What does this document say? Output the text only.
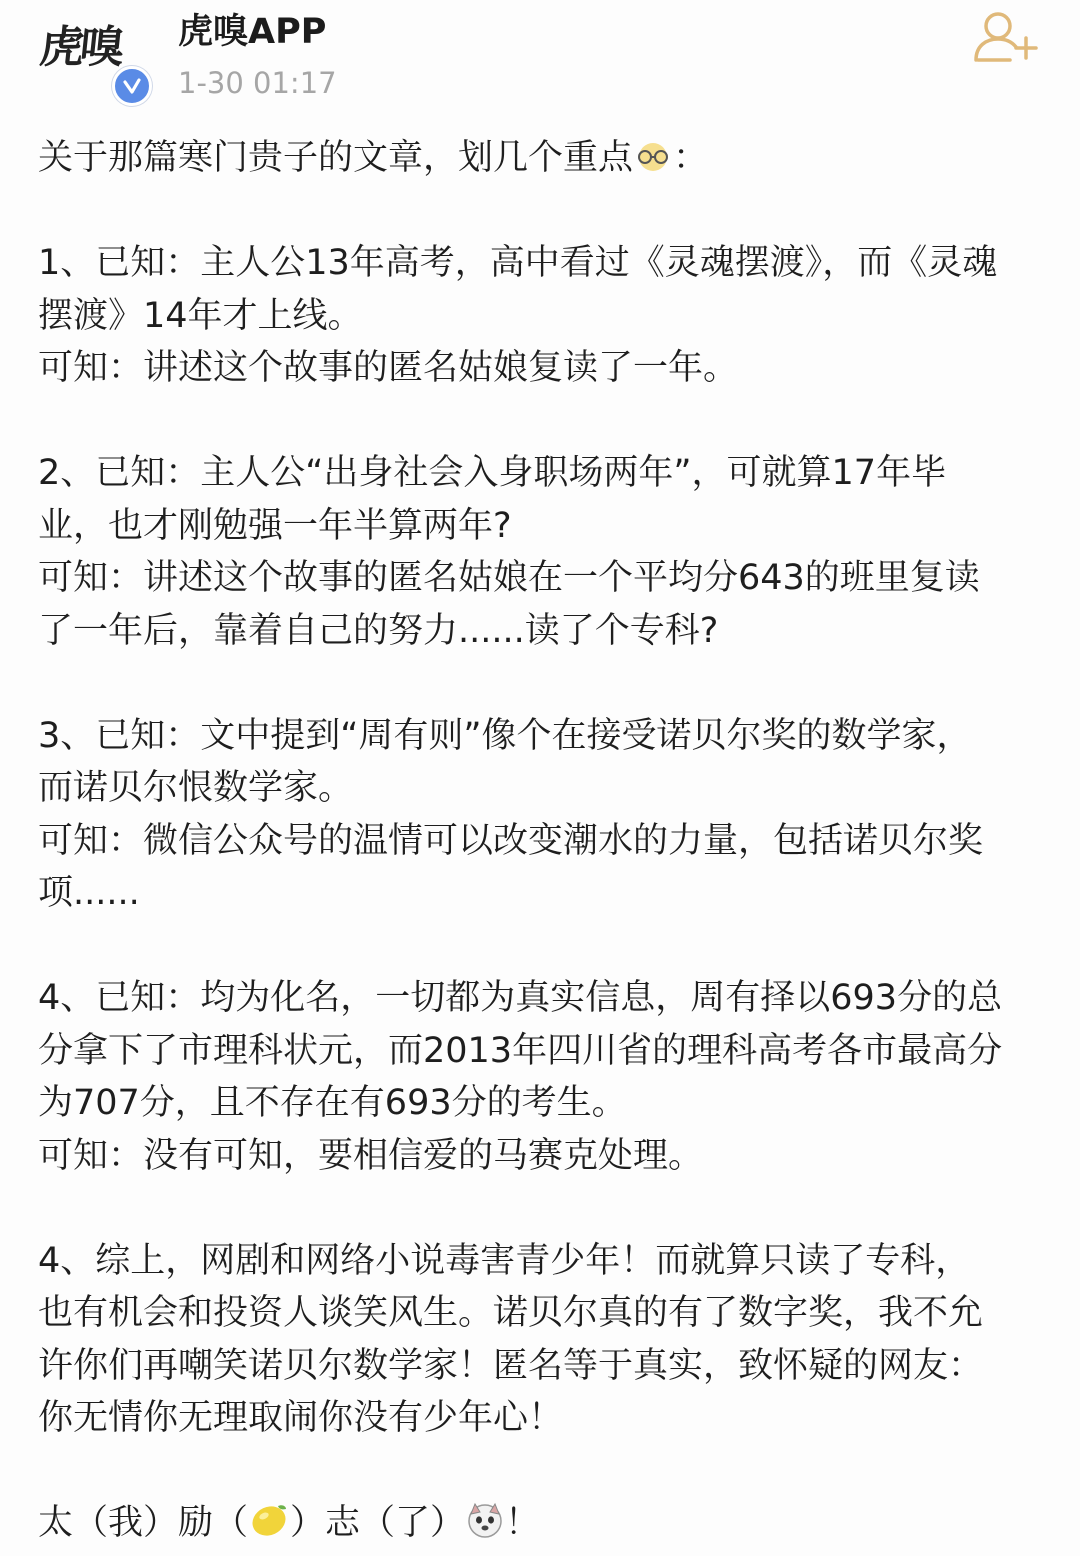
虎嗅 虎嗅APP
1-30 01:17
关于那篇寒门贵子的文章，划几个重点 ：
1、已知：主人公13年高考，高中看过《灵魂摆渡》，而《灵魂
摆渡》14年才上线。
可知：讲述这个故事的匿名姑娘复读了一年。
2、已知：主人公“出身社会入身职场两年”，可就算17年毕
业，也才刚勉强一年半算两年?
可知：讲述这个故事的匿名姑娘在一个平均分643的班里复读
了一年后，靠着自己的努力......读了个专科?
3、已知：文中提到“周有则”像个在接受诺贝尔奖的数学家，
而诺贝尔恨数学家。
可知：微信公众号的温情可以改变潮水的力量，包括诺贝尔奖
项......
4、已知：均为化名，一切都为真实信息，周有择以693分的总
分拿下了市理科状元，而2013年四川省的理科高考各市最高分
为707分，且不存在有693分的考生。
可知：没有可知，要相信爱的马赛克处理。
4、综上，网剧和网络小说毒害青少年！而就算只读了专科，
也有机会和投资人谈笑风生。诺贝尔真的有了数字奖，我不允
许你们再嘲笑诺贝尔数学家！匿名等于真实，致怀疑的网友：
你无情你无理取闹你没有少年心！
太（我）励（ ）志（了） ！
